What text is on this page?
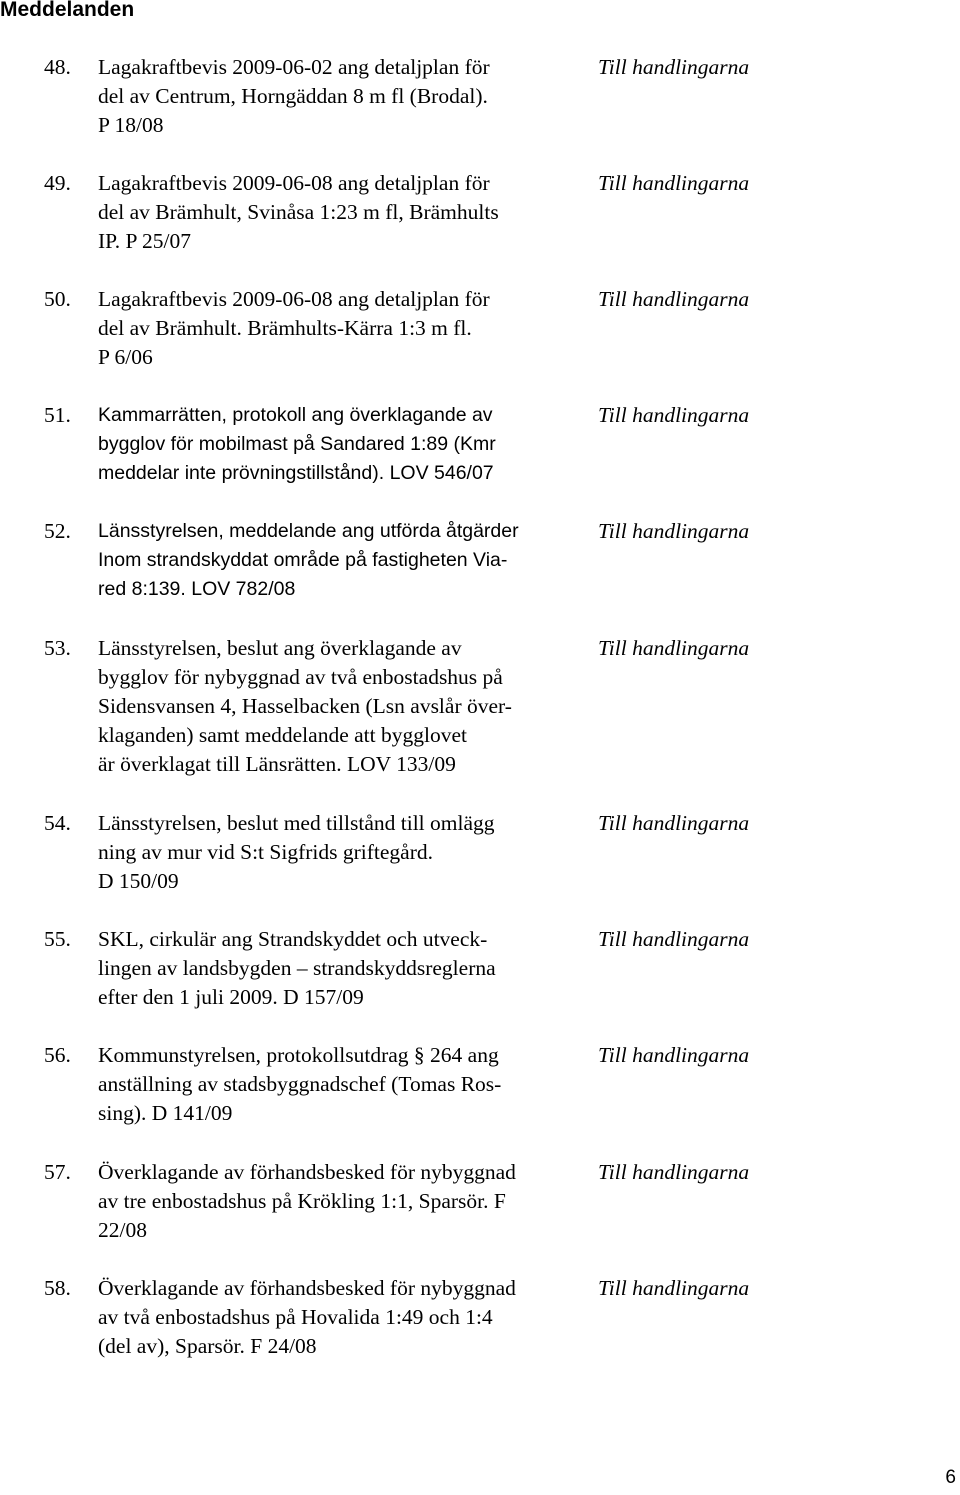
Meddelanden
48.	Lagakraftbevis 2009-06-02 ang detaljplan för
del av Centrum, Horngäddan 8 m fl (Brodal).
P 18/08
Till handlingarna
49.	Lagakraftbevis 2009-06-08 ang detaljplan för
del av Brämhult, Svinåsa 1:23 m fl, Brämhults
IP. P 25/07
Till handlingarna
50.	Lagakraftbevis 2009-06-08 ang detaljplan för
del av Brämhult. Brämhults-Kärra 1:3 m fl.
P 6/06
Till handlingarna
51.	Kammarrätten, protokoll ang överklagande av
bygglov för mobilmast på Sandared 1:89 (Kmr
meddelar inte prövningstillstånd). LOV 546/07
Till handlingarna
52.	Länsstyrelsen, meddelande ang utförda åtgärder
Inom strandskyddat område på fastigheten Via-
red 8:139. LOV 782/08
Till handlingarna
53.	Länsstyrelsen, beslut ang överklagande av
bygglov för nybyggnad av två enbostadshus på
Sidensvansen 4, Hasselbacken (Lsn avslår över-
klaganden) samt meddelande att bygglovet
är överklagat till Länsrätten. LOV 133/09
Till handlingarna
54.	Länsstyrelsen, beslut med tillstånd till omlägg
ning av mur vid S:t Sigfrids griftegård.
D 150/09
Till handlingarna
55.	SKL, cirkulär ang Strandskyddet och utveck-
lingen av landsbygden – strandskyddsreglerna
efter den 1 juli 2009. D 157/09
Till handlingarna
56.	Kommunstyrelsen, protokollsutdrag § 264 ang
anställning av stadsbyggnadschef (Tomas Ros-
sing). D 141/09
Till handlingarna
57.	Överklagande av förhandsbesked för nybyggnad
av tre enbostadshus på Krökling 1:1, Sparsör. F
22/08
Till handlingarna
58.	Överklagande av förhandsbesked för nybyggnad
av två enbostadshus på Hovalida 1:49 och 1:4
(del av), Sparsör. F 24/08
Till handlingarna
6
